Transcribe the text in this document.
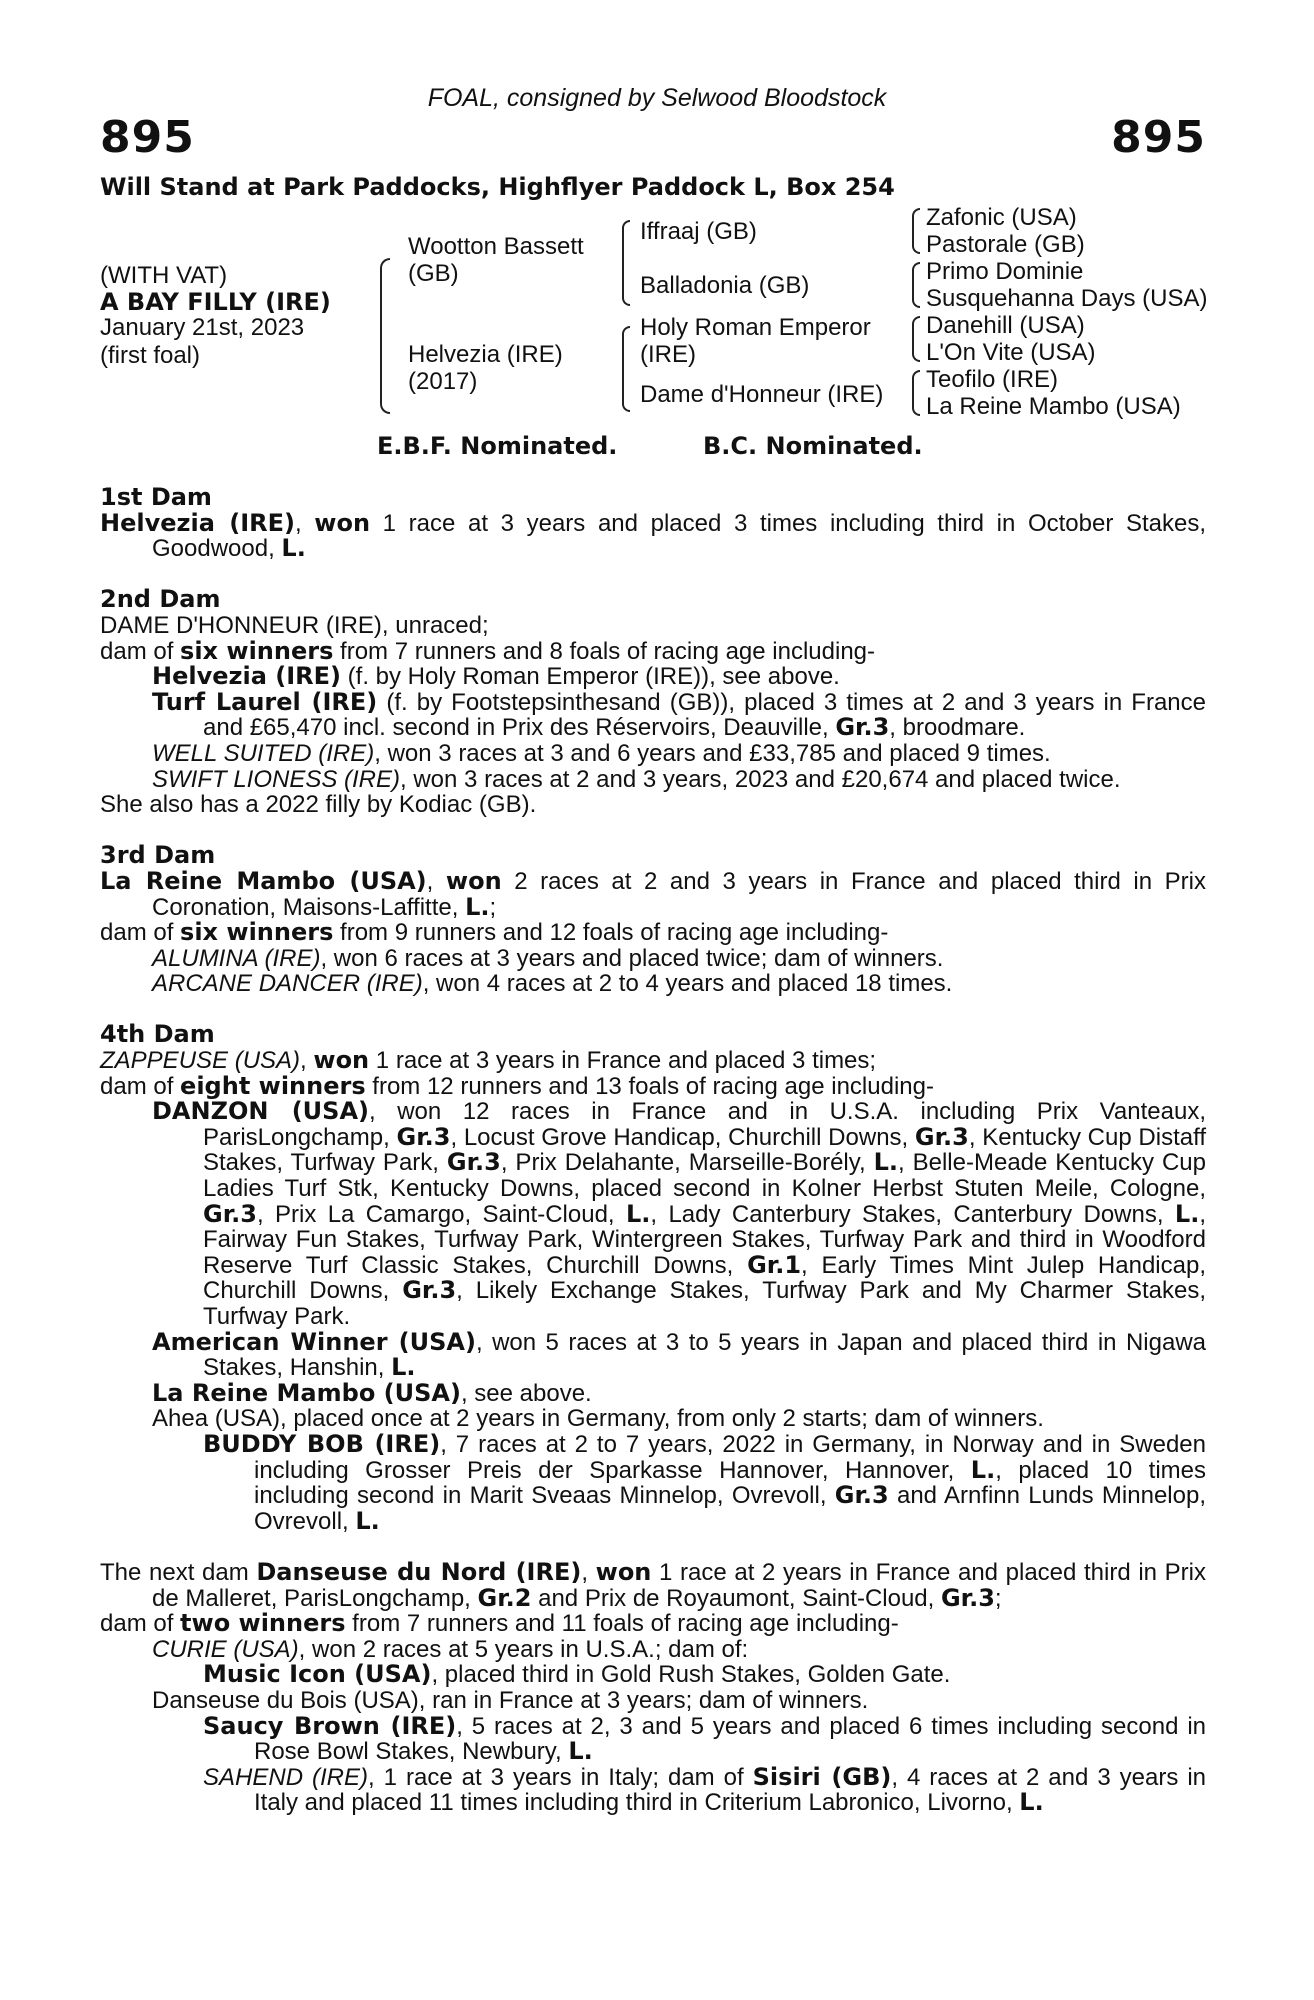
FOAL, consigned by Selwood Bloodstock
895	895
Will Stand at Park Paddocks, Highflyer Paddock L, Box 254
(WITH VAT)
A BAY FILLY (IRE)
January 21st, 2023
(first foal)
Wootton Bassett
(GB)
Helvezia (IRE)
(2017)
Iffraaj (GB)
Balladonia (GB)
Holy Roman Emperor
(IRE)
Dame d'Honneur (IRE)
Zafonic (USA)
Pastorale (GB)
Primo Dominie
Susquehanna Days (USA)
Danehill (USA)
L'On Vite (USA)
Teofilo (IRE)
La Reine Mambo (USA)
E.B.F. Nominated.	B.C. Nominated.

1st Dam

Helvezia (IRE), won 1 race at 3 years and placed 3 times including third in October Stakes, Goodwood, L.

2nd Dam

DAME D'HONNEUR (IRE), unraced;

dam of six winners from 7 runners and 8 foals of racing age including-

Helvezia (IRE) (f. by Holy Roman Emperor (IRE)), see above.

Turf Laurel (IRE) (f. by Footstepsinthesand (GB)), placed 3 times at 2 and 3 years in France and £65,470 incl. second in Prix des Réservoirs, Deauville, Gr.3, broodmare.

WELL SUITED (IRE), won 3 races at 3 and 6 years and £33,785 and placed 9 times.

SWIFT LIONESS (IRE), won 3 races at 2 and 3 years, 2023 and £20,674 and placed twice.

She also has a 2022 filly by Kodiac (GB).

3rd Dam

La Reine Mambo (USA), won 2 races at 2 and 3 years in France and placed third in Prix Coronation, Maisons-Laffitte, L.;

dam of six winners from 9 runners and 12 foals of racing age including-

ALUMINA (IRE), won 6 races at 3 years and placed twice; dam of winners.

ARCANE DANCER (IRE), won 4 races at 2 to 4 years and placed 18 times.

4th Dam

ZAPPEUSE (USA), won 1 race at 3 years in France and placed 3 times;

dam of eight winners from 12 runners and 13 foals of racing age including-

DANZON (USA), won 12 races in France and in U.S.A. including Prix Vanteaux, ParisLongchamp, Gr.3, Locust Grove Handicap, Churchill Downs, Gr.3, Kentucky Cup Distaff Stakes, Turfway Park, Gr.3, Prix Delahante, Marseille-Borély, L., Belle-Meade Kentucky Cup Ladies Turf Stk, Kentucky Downs, placed second in Kolner Herbst Stuten Meile, Cologne, Gr.3, Prix La Camargo, Saint-Cloud, L., Lady Canterbury Stakes, Canterbury Downs, L., Fairway Fun Stakes, Turfway Park, Wintergreen Stakes, Turfway Park and third in Woodford Reserve Turf Classic Stakes, Churchill Downs, Gr.1, Early Times Mint Julep Handicap, Churchill Downs, Gr.3, Likely Exchange Stakes, Turfway Park and My Charmer Stakes, Turfway Park.

American Winner (USA), won 5 races at 3 to 5 years in Japan and placed third in Nigawa Stakes, Hanshin, L.

La Reine Mambo (USA), see above.

Ahea (USA), placed once at 2 years in Germany, from only 2 starts; dam of winners.

BUDDY BOB (IRE), 7 races at 2 to 7 years, 2022 in Germany, in Norway and in Sweden including Grosser Preis der Sparkasse Hannover, Hannover, L., placed 10 times including second in Marit Sveaas Minnelop, Ovrevoll, Gr.3 and Arnfinn Lunds Minnelop, Ovrevoll, L.

The next dam Danseuse du Nord (IRE), won 1 race at 2 years in France and placed third in Prix de Malleret, ParisLongchamp, Gr.2 and Prix de Royaumont, Saint-Cloud, Gr.3;

dam of two winners from 7 runners and 11 foals of racing age including-

CURIE (USA), won 2 races at 5 years in U.S.A.; dam of:

Music Icon (USA), placed third in Gold Rush Stakes, Golden Gate.

Danseuse du Bois (USA), ran in France at 3 years; dam of winners.

Saucy Brown (IRE), 5 races at 2, 3 and 5 years and placed 6 times including second in Rose Bowl Stakes, Newbury, L.

SAHEND (IRE), 1 race at 3 years in Italy; dam of Sisiri (GB), 4 races at 2 and 3 years in Italy and placed 11 times including third in Criterium Labronico, Livorno, L.
